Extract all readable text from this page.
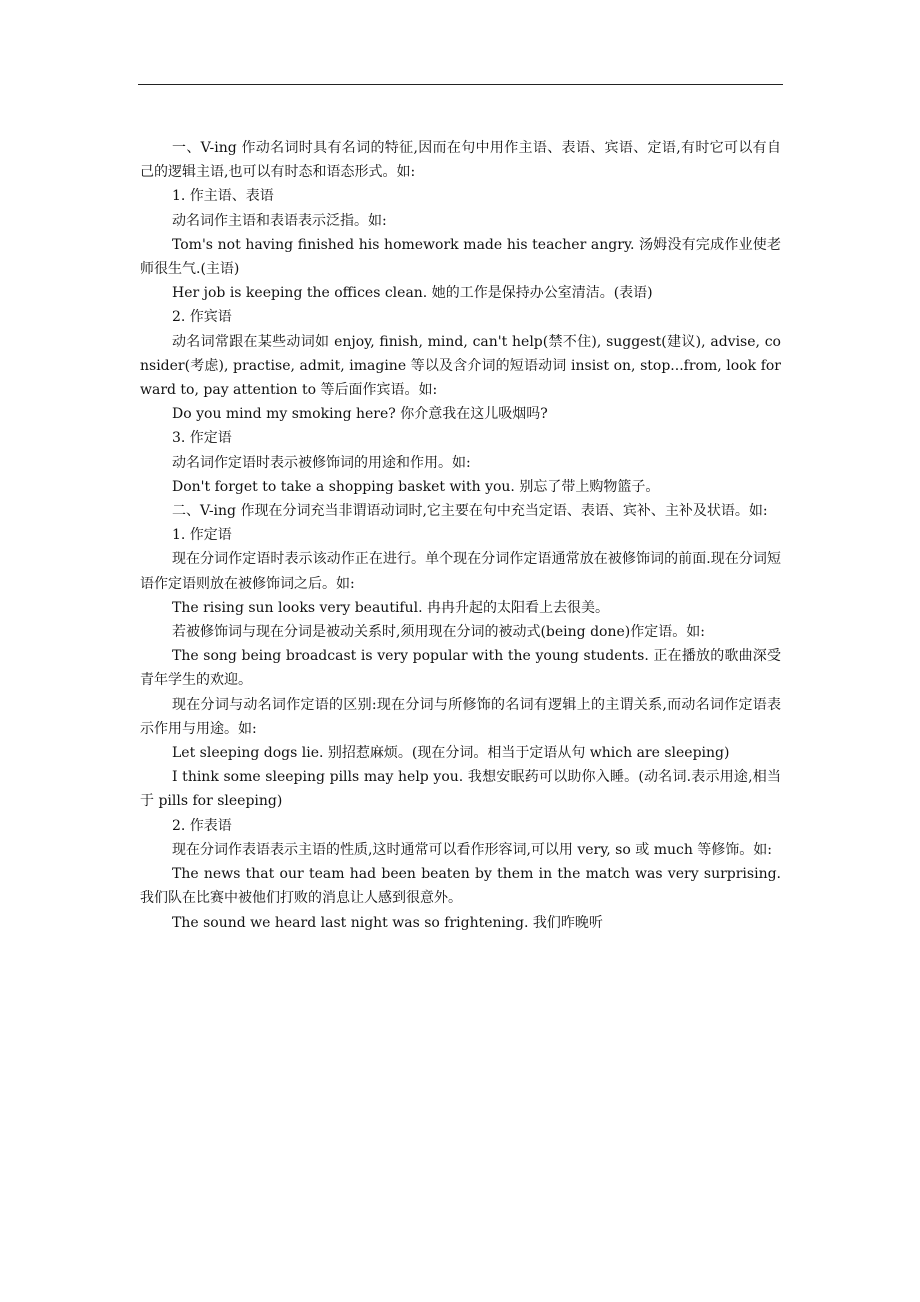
一、V-ing 作动名词时具有名词的特征,因而在句中用作主语、表语、宾语、定语,有时它可以有自己的逻辑主语,也可以有时态和语态形式。如:

1. 作主语、表语

动名词作主语和表语表示泛指。如:

Tom's not having finished his homework made his teacher angry. 汤姆没有完成作业使老师很生气.(主语)

Her job is keeping the offices clean. 她的工作是保持办公室清洁。(表语)

2. 作宾语

动名词常跟在某些动词如 enjoy, finish, mind, can't help(禁不住), suggest(建议), advise, consider(考虑), practise, admit, imagine 等以及含介词的短语动词 insist on, stop...from, look forward to, pay attention to 等后面作宾语。如:

Do you mind my smoking here? 你介意我在这儿吸烟吗?

3. 作定语

动名词作定语时表示被修饰词的用途和作用。如:

Don't forget to take a shopping basket with you. 别忘了带上购物篮子。

二、V-ing 作现在分词充当非谓语动词时,它主要在句中充当定语、表语、宾补、主补及状语。如:

1. 作定语

现在分词作定语时表示该动作正在进行。单个现在分词作定语通常放在被修饰词的前面.现在分词短语作定语则放在被修饰词之后。如:

The rising sun looks very beautiful. 冉冉升起的太阳看上去很美。

若被修饰词与现在分词是被动关系时,须用现在分词的被动式(being done)作定语。如:

The song being broadcast is very popular with the young students. 正在播放的歌曲深受青年学生的欢迎。

现在分词与动名词作定语的区别:现在分词与所修饰的名词有逻辑上的主谓关系,而动名词作定语表示作用与用途。如:

Let sleeping dogs lie. 别招惹麻烦。(现在分词。相当于定语从句 which are sleeping)

I think some sleeping pills may help you. 我想安眠药可以助你入睡。(动名词.表示用途,相当于 pills for sleeping)

2. 作表语

现在分词作表语表示主语的性质,这时通常可以看作形容词,可以用 very, so 或 much 等修饰。如:

The news that our team had been beaten by them in the match was very surprising. 我们队在比赛中被他们打败的消息让人感到很意外。

The sound we heard last night was so frightening. 我们昨晚听
